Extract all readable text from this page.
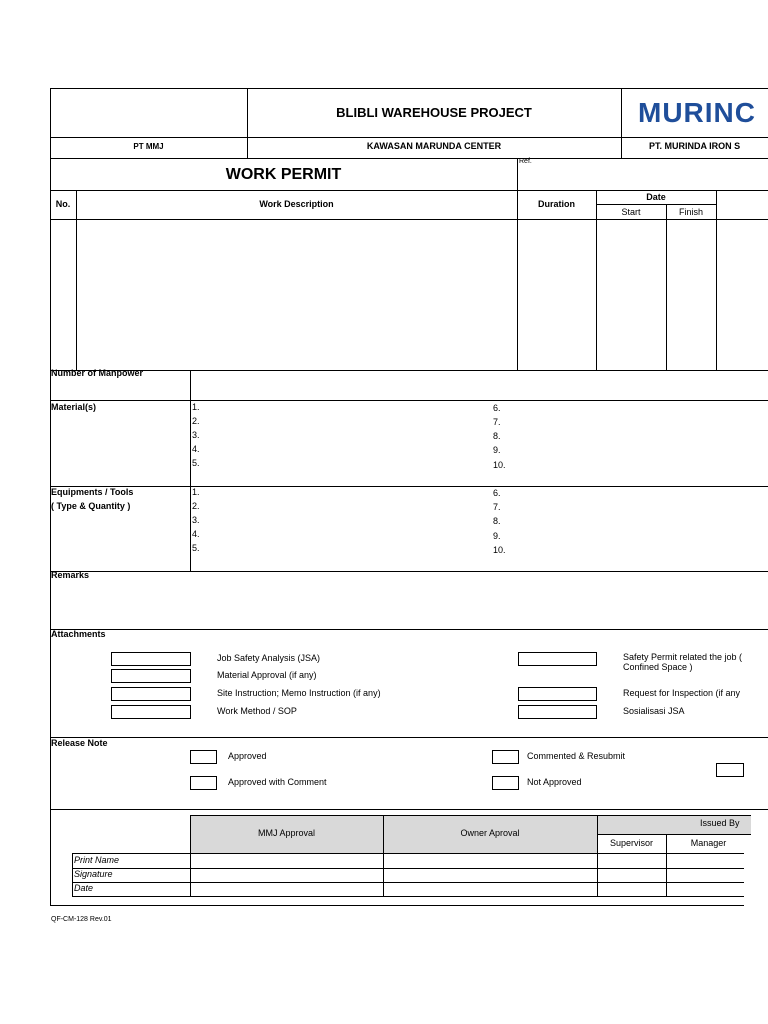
BLIBLI WAREHOUSE PROJECT	MURINC
PT MMJ	KAWASAN MARUNDA CENTER	PT. MURINDA IRON S
WORK PERMIT
Ref.
No.	Work Description	Duration
Date
Start	Finish
Number of Manpower
Material(s)	1.
2.
3.
4.
5.
6.
7.
8.
9.
10.
Equipments / Tools
( Type & Quantity )
1.
2.
3.
4.
5.
6.
7.
8.
9.
10.
Remarks
Attachments
Job Safety Analysis (JSA)
Material Approval (if any)
Site Instruction; Memo Instruction (if any)
Work Method / SOP
Safety Permit related the job (
Confined Space )
Request for Inspection (if any
Sosialisasi JSA
Release Note
Approved
Approved with Comment
Commented & Resubmit
Not Approved
MMJ Approval	Owner Aproval
Issued By
Supervisor	Manager
Print Name
Signature
Date
QF-CM-128 Rev.01
